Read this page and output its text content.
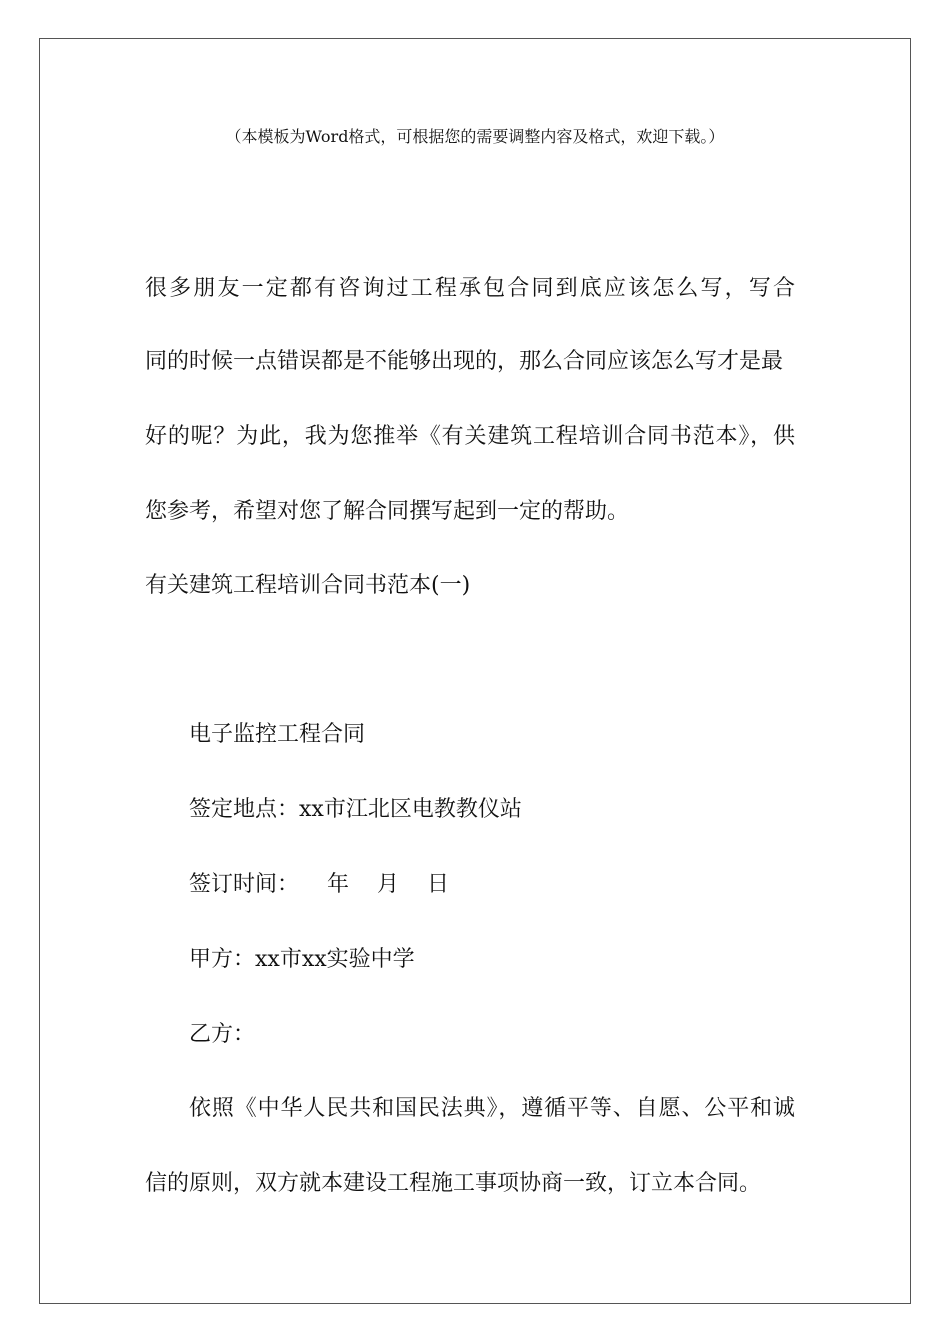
（本模板为Word格式，可根据您的需要调整内容及格式，欢迎下载。）
很多朋友一定都有咨询过工程承包合同到底应该怎么写，写合
同的时候一点错误都是不能够出现的，那么合同应该怎么写才是最
好的呢？为此，我为您推举《有关建筑工程培训合同书范本》，供
您参考，希望对您了解合同撰写起到一定的帮助。
有关建筑工程培训合同书范本(一)
电子监控工程合同
签定地点：xx市江北区电教教仪站
签订时间： 年 月 日
甲方：xx市xx实验中学
乙方：
依照《中华人民共和国民法典》，遵循平等、自愿、公平和诚
信的原则，双方就本建设工程施工事项协商一致，订立本合同。
